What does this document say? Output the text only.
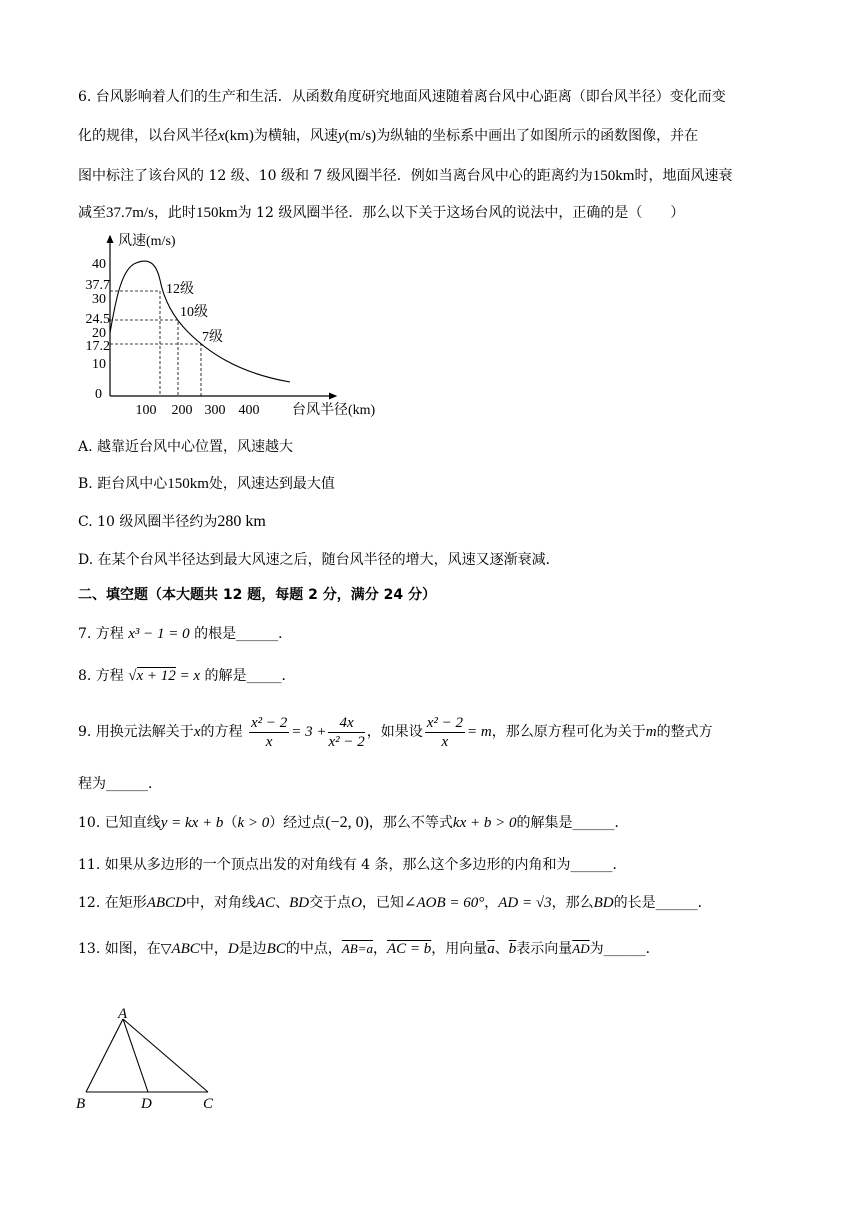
6. 台风影响着人们的生产和生活．从函数角度研究地面风速随着离台风中心距离（即台风半径）变化而变
化的规律，以台风半径x(km)为横轴，风速y(m/s)为纵轴的坐标系中画出了如图所示的函数图像，并在
图中标注了该台风的 12 级、10 级和 7 级风圈半径．例如当离台风中心的距离约为150km时，地面风速衰
减至37.7m/s，此时150km为 12 级风圈半径．那么以下关于这场台风的说法中，正确的是（　　）
风速(m/s)
台风半径(km)
40
37.7
30
24.5
20
17.2
10
0
100 200 300 400
12级
10级
7级
A. 越靠近台风中心位置，风速越大
B. 距台风中心150km处，风速达到最大值
C. 10 级风圈半径约为280 km
D. 在某个台风半径达到最大风速之后，随台风半径的增大，风速又逐渐衰减．
二、填空题（本大题共 12 题，每题 2 分，满分 24 分）
7. 方程 x³ − 1 = 0 的根是______．
8. 方程 √x + 12 = x 的解是_____．
9. 用换元法解关于x的方程 $\frac{\text{x² − 2}}{x} = 3 + \frac{4x}{\text{x² − 2}}$ ，如果设 $\frac{\text{x² − 2}}{x} = m$，那么原方程可化为关于m的整式方
程为______．
10. 已知直线y = kx + b（k > 0）经过点(−2, 0)，那么不等式kx + b > 0的解集是______．
11. 如果从多边形的一个顶点出发的对角线有 4 条，那么这个多边形的内角和为______．
12. 在矩形ABCD中，对角线AC、BD交于点O，已知∠AOB = 60°，AD = √3，那么BD的长是______．
13. 如图，在▽ABC中，D是边BC的中点，AB=a，AC = b，用向量$\overline{a}$、$\overline{b}$表示向量$\overline{AD}$为______．
A
B	D	C
